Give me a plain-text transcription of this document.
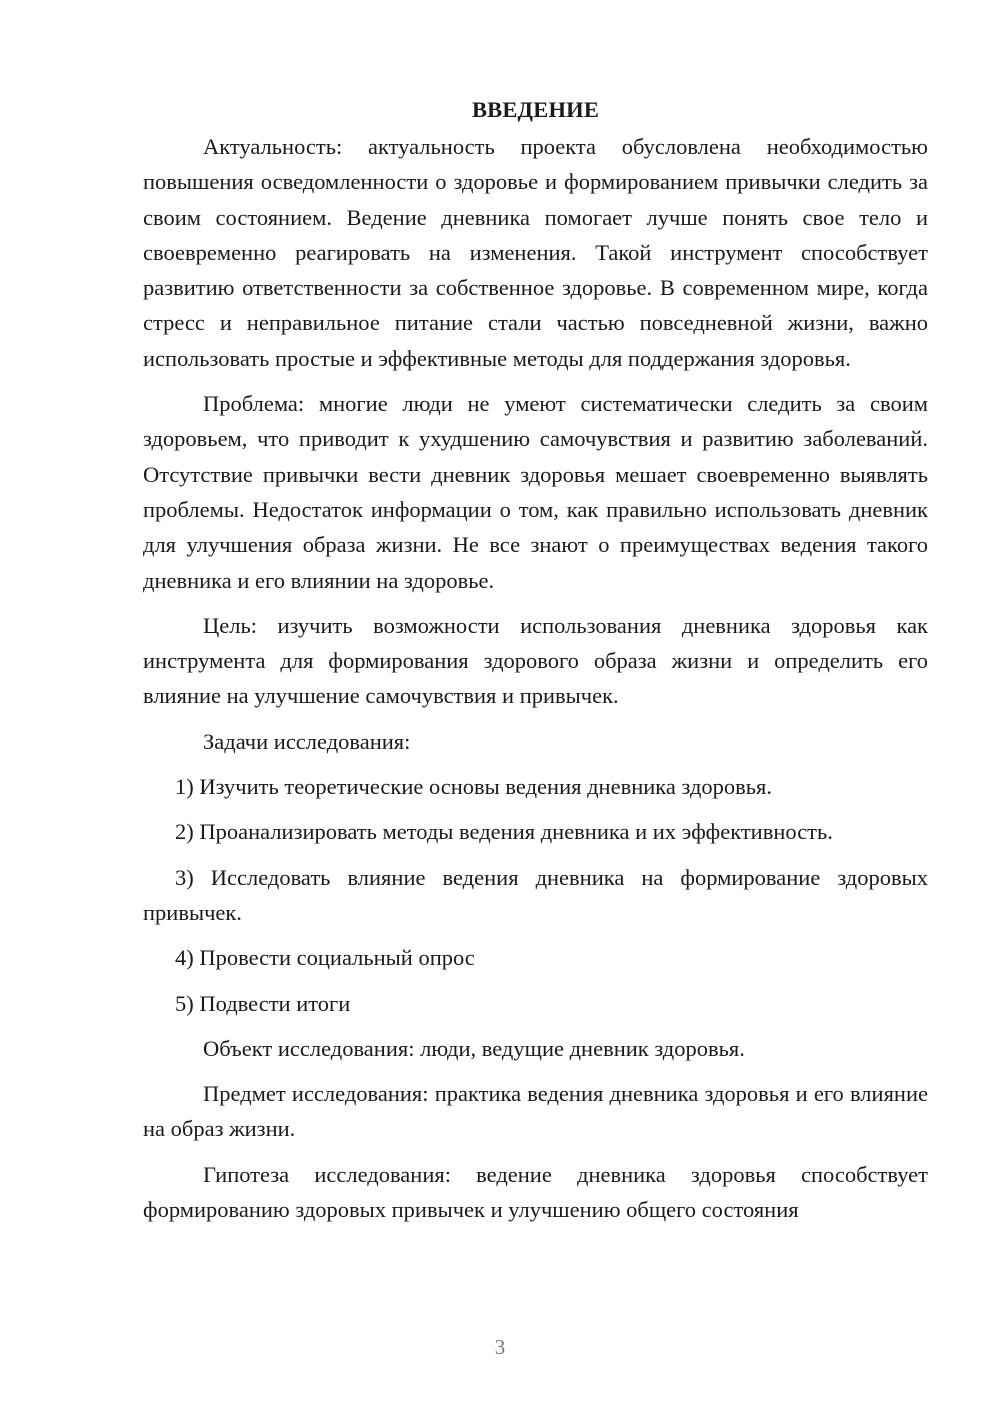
ВВЕДЕНИЕ

Актуальность: актуальность проекта обусловлена необходимостью повышения осведомленности о здоровье и формированием привычки следить за своим состоянием. Ведение дневника помогает лучше понять свое тело и своевременно реагировать на изменения. Такой инструмент способствует развитию ответственности за собственное здоровье. В современном мире, когда стресс и неправильное питание стали частью повседневной жизни, важно использовать простые и эффективные методы для поддержания здоровья.

Проблема: многие люди не умеют систематически следить за своим здоровьем, что приводит к ухудшению самочувствия и развитию заболеваний. Отсутствие привычки вести дневник здоровья мешает своевременно выявлять проблемы. Недостаток информации о том, как правильно использовать дневник для улучшения образа жизни. Не все знают о преимуществах ведения такого дневника и его влиянии на здоровье.

Цель: изучить возможности использования дневника здоровья как инструмента для формирования здорового образа жизни и определить его влияние на улучшение самочувствия и привычек.

Задачи исследования:

1) Изучить теоретические основы ведения дневника здоровья.

2) Проанализировать методы ведения дневника и их эффективность.

3) Исследовать влияние ведения дневника на формирование здоровых привычек.

4) Провести социальный опрос

5) Подвести итоги

Объект исследования: люди, ведущие дневник здоровья.

Предмет исследования: практика ведения дневника здоровья и его влияние на образ жизни.

Гипотеза исследования: ведение дневника здоровья способствует формированию здоровых привычек и улучшению общего состояния

3
